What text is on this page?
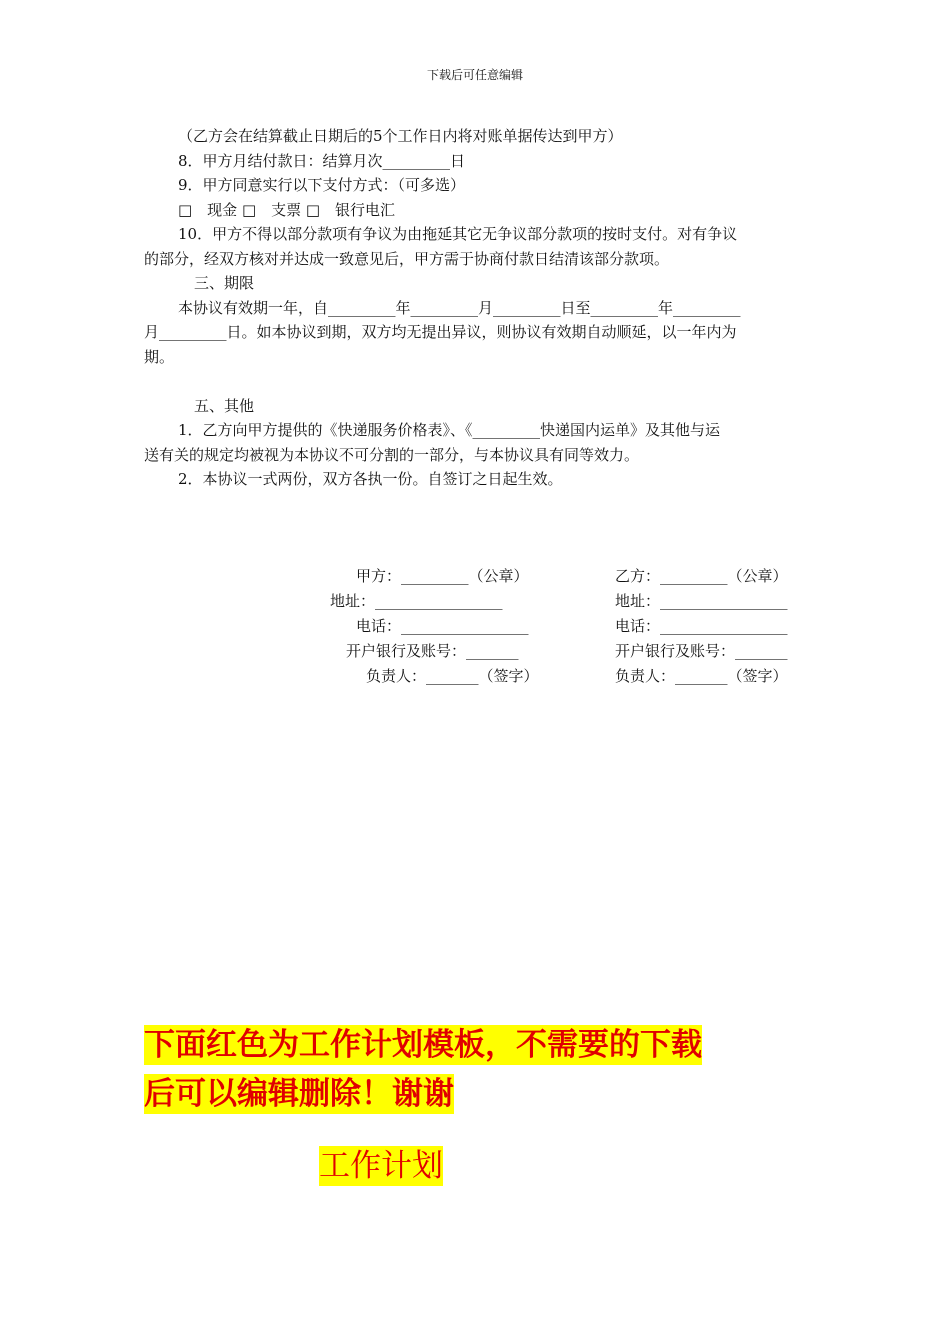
下载后可任意编辑
（乙方会在结算截止日期后的5个工作日内将对账单据传达到甲方）
8．甲方月结付款日：结算月次_________日
9．甲方同意实行以下支付方式：（可多选）
□　现金 □　支票 □　银行电汇
10．甲方不得以部分款项有争议为由拖延其它无争议部分款项的按时支付。对有争议
的部分，经双方核对并达成一致意见后，甲方需于协商付款日结清该部分款项。
三、期限
本协议有效期一年，自_________年_________月_________日至_________年_________
月_________日。如本协议到期，双方均无提出异议，则协议有效期自动顺延，以一年内为
期。
五、其他
1．乙方向甲方提供的《快递服务价格表》、《_________快递国内运单》及其他与运
送有关的规定均被视为本协议不可分割的一部分，与本协议具有同等效力。
2．本协议一式两份，双方各执一份。自签订之日起生效。
甲方：_________（公章）
地址：_________________
电话：_________________
开户银行及账号：_______
负责人：_______（签字）
乙方：_________（公章）
地址：_________________
电话：_________________
开户银行及账号：_______
负责人：_______（签字）
下面红色为工作计划模板，不需要的下载
后可以编辑删除！谢谢
工作计划
